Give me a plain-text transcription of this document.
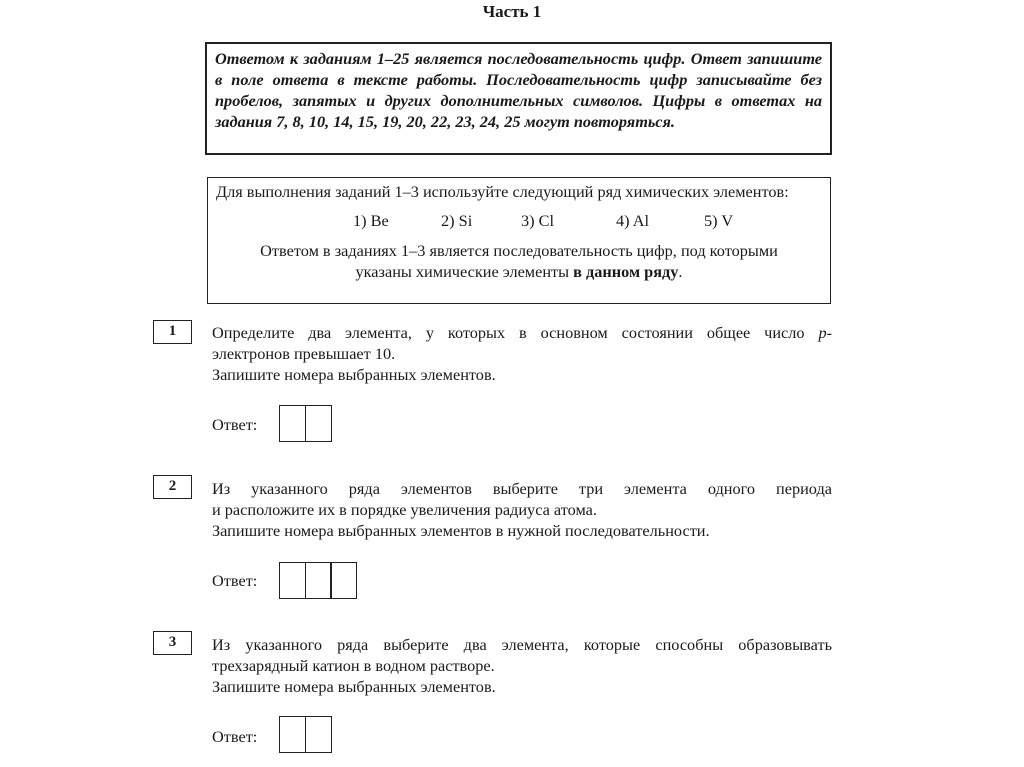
Часть 1
Ответом к заданиям 1–25 является последовательность цифр. Ответ запишите в поле ответа в тексте работы. Последовательность цифр записывайте без пробелов, запятых и других дополнительных символов. Цифры в ответах на задания 7, 8, 10, 14, 15, 19, 20, 22, 23, 24, 25 могут повторяться.
Для выполнения заданий 1–3 используйте следующий ряд химических элементов:
1) Be	2) Si	3) Cl	4) Al	5) V
Ответом в заданиях 1–3 является последовательность цифр, под которыми
указаны химические элементы в данном ряду.
1	Определите два элемента, у которых в основном состоянии общее число p-
электронов превышает 10.
Запишите номера выбранных элементов.
Ответ:
2	Из указанного ряда элементов выберите три элемента одного периода
и расположите их в порядке увеличения радиуса атома.
Запишите номера выбранных элементов в нужной последовательности.
Ответ:
3	Из указанного ряда выберите два элемента, которые способны образовывать
трехзарядный катион в водном растворе.
Запишите номера выбранных элементов.
Ответ:
